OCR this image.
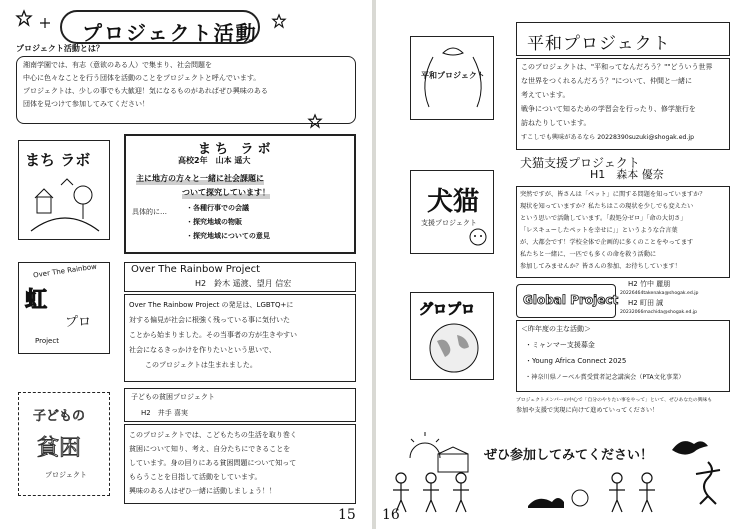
プロジェクト活動
プロジェクト活動とは？
湘南学園では、有志（意欲のある人）で集まり、社会問題を
中心に色々なことを行う団体を活動のことをプロジェクトと呼んでいます。
プロジェクトは、少しの事でも大歓迎！気になるものがあればぜひ興味のある
団体を見つけて参加してみてください！
まち ラボ
まち ラボ
高校2年　山本 遥大
主に地方の方々と一緒に社会課題に
ついて探究しています！
具体的に…	・各種行事での会議
・探究地域の物販
・探究地域についての意見
Over The Rainbow
虹
プロ
Project
Over The Rainbow Project
H2　鈴木 遥渡、望月 信宏
Over The Rainbow Project の発足は、LGBTQ+に
対する偏見が社会に根強く残っている事に気付いた
ことから始まりました。その当事者の方が生きやすい
社会になるきっかけを作りたいという思いで、
このプロジェクトは生まれました。
子どもの
貧困
プロジェクト
子どもの貧困プロジェクト
H2　井手 喜実
このプロジェクトでは、こどもたちの生活を取り巻く
貧困について知り、考え、自分たちにできることを
しています。身の回りにある貧困問題について知って
もらうことを目指して活動をしています。
興味のある人はぜひ一緒に活動しましょう！！
15
平和プロジェクト
平和プロジェクト
このプロジェクトは、"平和ってなんだろう？""どういう世界
な世界をつくれるんだろう？"について、仲間と一緒に
考えています。
戦争について知るための学習会を行ったり、修学旅行を
訪ねたりしています。
すこしでも興味があるなら 20228390suzuki@shogak.ed.jp
犬猫
支援プロジェクト
犬猫支援プロジェクト
H1　森本 優奈
突然ですが、皆さんは「ペット」に関する問題を知っていますか？
現状を知っていますか？私たちはこの現状を少しでも変えたい
という思いで活動しています。「殺処分ゼロ」「命の大切さ」
「レスキューしたペットを幸せに」」というような合言葉
が、大都会です！学校全体で企画的に多くのことをやってます
私たちと一緒に、一匹でも多くの命を救う活動に
参加してみませんか？皆さんの参加、お待ちしています！
グロプロ
Global Project
H2 竹中 麗朋
20226464takenaka@shogak.ed.jp
H2 町田 誠
20232066machida@shogak.ed.jp
＜昨年度の主な活動＞
・ミャンマー支援募金
・Young Africa Connect 2025
・神奈川県ノーベル賞受賞者記念講演会（PTA文化事業）
プロジェクトメンバーの中心で「自分のやりたい事をやって」といて、ぜひあなたの興味も
参加や支援で実現に向けて進めていってください！
ぜひ参加してみてください！
16
